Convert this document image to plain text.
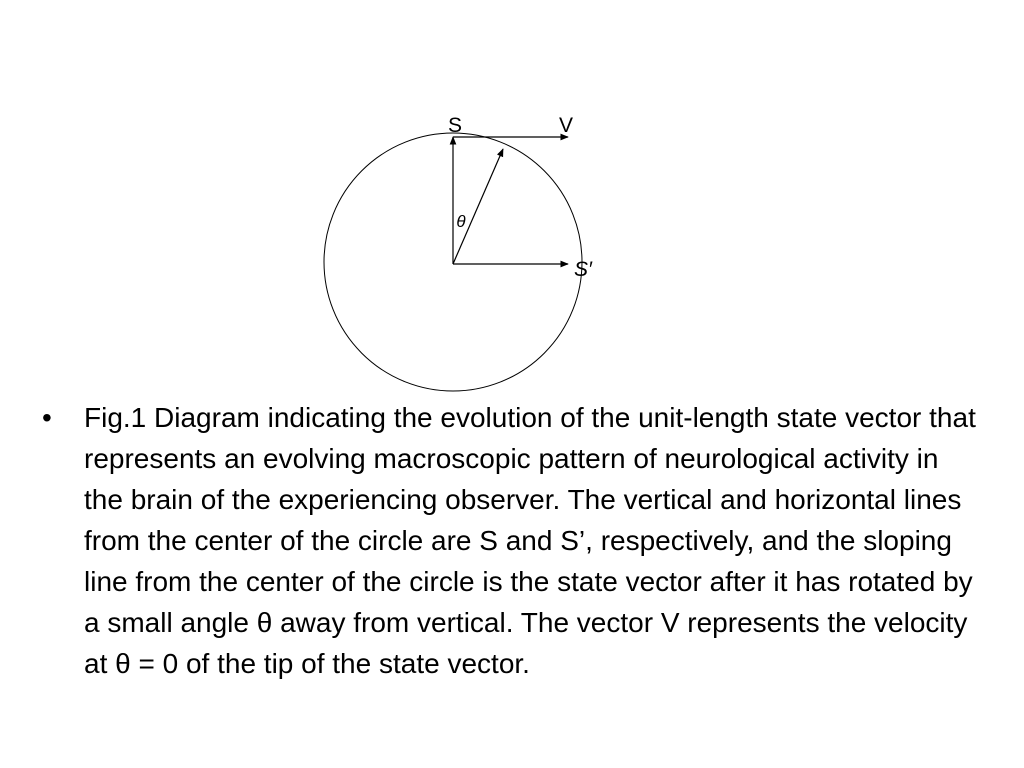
S	V
θ
S′
•	Fig.1 Diagram indicating the evolution of the unit-length state vector that represents an evolving macroscopic pattern of neurological activity in the brain of the experiencing observer. The vertical and horizontal lines from the center of the circle are S and S’, respectively, and the sloping line from the center of the circle is the state vector after it has rotated by a small angle θ away from vertical. The vector V represents the velocity at θ = 0 of the tip of the state vector.
